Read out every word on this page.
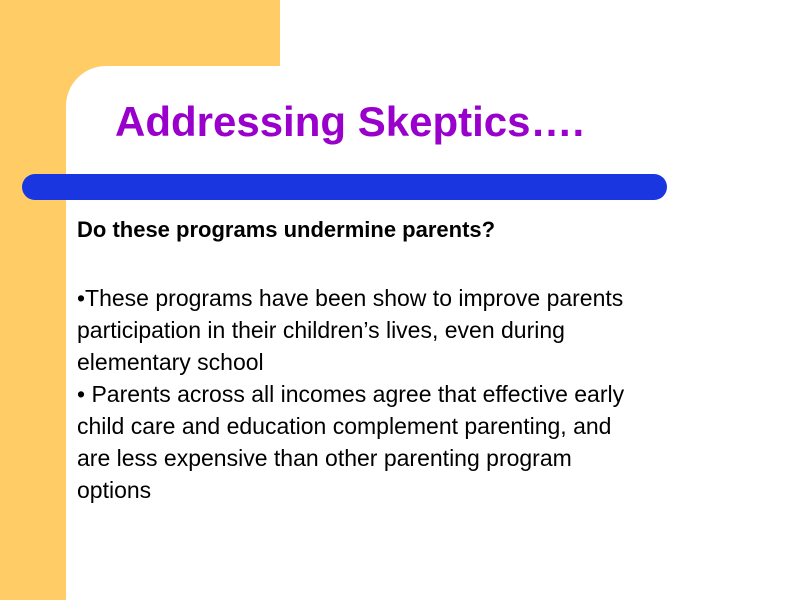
Addressing Skeptics….
Do these programs undermine parents?
•These programs have been show to improve parents
participation in their children’s lives, even during
elementary school
• Parents across all incomes agree that effective early
child care and education complement parenting, and
are less expensive than other parenting program
options
